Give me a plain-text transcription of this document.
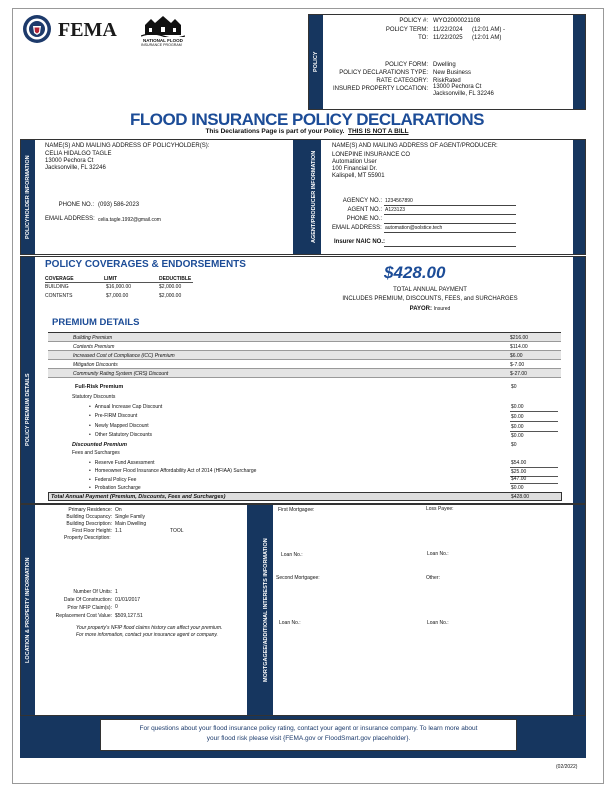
FEMA	NATIONAL FLOOD
INSURANCE PROGRAM
POLICY
POLICY #: WYO2000021108
POLICY TERM: 11/22/2024 (12:01 AM) -
TO: 11/22/2025 (12:01 AM)
POLICY FORM: Dwelling
POLICY DECLARATIONS TYPE: New Business
RATE CATEGORY: RiskRated
INSURED PROPERTY LOCATION: 13000 Pechora Ct
Jacksonville, FL 32246
FLOOD INSURANCE POLICY DECLARATIONS
This Declarations Page is part of your Policy. THIS IS NOT A BILL
POLICYHOLDER INFORMATION	AGENT/PRODUCER INFORMATION
NAME(S) AND MAILING ADDRESS OF POLICYHOLDER(S):
CELIA HIDALGO TAGLE
13000 Pechora Ct
Jacksonville, FL 32246
PHONE NO.: (093) 586-2023
EMAIL ADDRESS: celia.tagle.1992@gmail.com
NAME(S) AND MAILING ADDRESS OF AGENT/PRODUCER:
LONEPINE INSURANCE CO
Automation User
100 Financial Dr.
Kalispell, MT 55901
AGENCY NO.: 1234567890
AGENT NO.: A123123
PHONE NO.:
EMAIL ADDRESS: automation@solstice.tech
Insurer NAIC NO.:
POLICY PREMIUM DETAILS
POLICY COVERAGES & ENDORSEMENTS
COVERAGE	LIMIT	DEDUCTIBLE
BUILDING	$16,000.00	$2,000.00
CONTENTS	$7,000.00	$2,000.00
$428.00
TOTAL ANNUAL PAYMENT
INCLUDES PREMIUM, DISCOUNTS, FEES, and SURCHARGES
PAYOR: Insured
PREMIUM DETAILS
Building Premium	$216.00
Contents Premium	$114.00
Increased Cost of Compliance (ICC) Premium	$6.00
Mitigation Discounts	$-7.00
Community Rating System (CRS) Discount	$-27.00
Full-Risk Premium	$0
Statutory Discounts
• Annual Increase Cap Discount	$0.00
• Pre-FIRM Discount	$0.00
• Newly Mapped Discount	$0.00
• Other Statutory Discounts	$0.00
Discounted Premium	$0
Fees and Surcharges
• Reserve Fund Assessment	$54.00
• Homeowner Flood Insurance Affordability Act of 2014 (HFIAA) Surcharge	$25.00
• Federal Policy Fee	$47.00
• Probation Surcharge	$0.00
Total Annual Payment (Premium, Discounts, Fees and Surcharges)	$428.00
LOCATION & PROPERTY INFORMATION	MORTGAGEE/ADDITIONAL INTERESTS INFORMATION
Primary Residence: On
Building Occupancy: Single Family
Building Description: Main Dwelling
First Floor Height: 1.1	TOOL
Property Description:
Number Of Units: 1
Date Of Construction: 01/01/2017
Prior NFIP Claim(s): 0
Replacement Cost Value: $509,127.51
Your property's NFIP flood claims history can affect your premium.
For more information, contact your insurance agent or company.
First Mortgagee:	Loss Payee:
Loan No.:	Loan No.:
Second Mortgagee:	Other:
Loan No.:	Loan No.:
For questions about your flood insurance policy rating, contact your agent or insurance company. To learn more about
your flood risk please visit {FEMA.gov or FloodSmart.gov placeholder}.
(02/2022)
